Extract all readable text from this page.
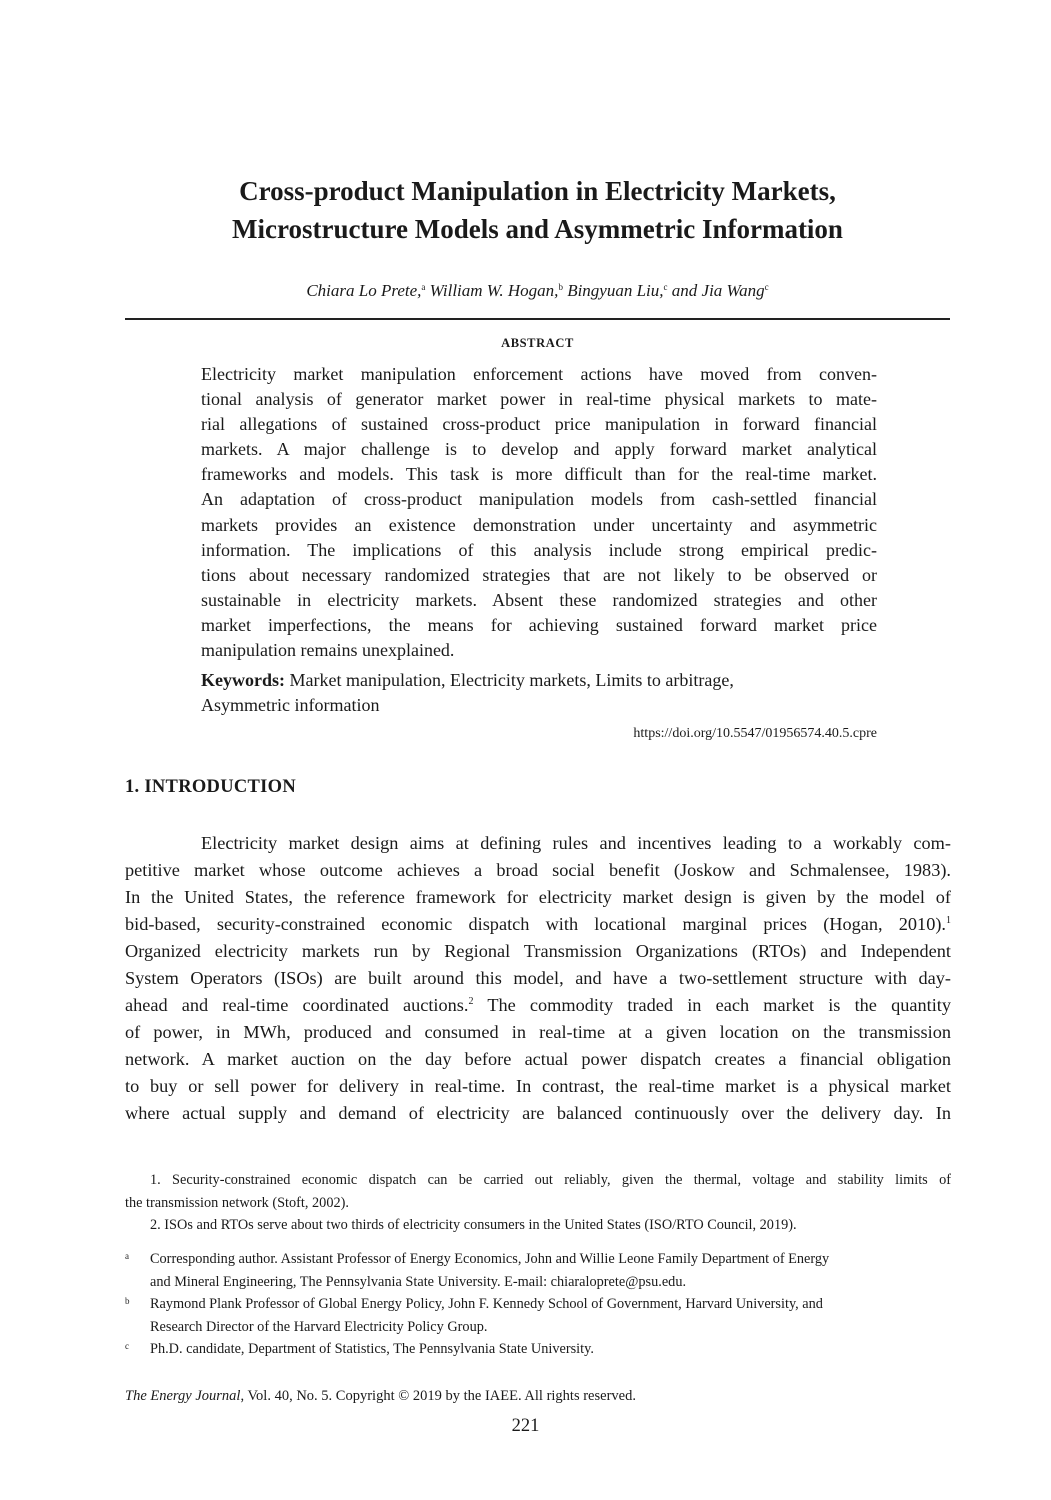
Cross-product Manipulation in Electricity Markets,
Microstructure Models and Asymmetric Information
Chiara Lo Prete,$^a$ William W. Hogan,$^b$ Bingyuan Liu,$^c$ and Jia Wang$^c$
ABSTRACT
Electricity market manipulation enforcement actions have moved from conven-
tional analysis of generator market power in real-time physical markets to mate-
rial allegations of sustained cross-product price manipulation in forward financial
markets. A major challenge is to develop and apply forward market analytical
frameworks and models. This task is more difficult than for the real-time market.
An adaptation of cross-product manipulation models from cash-settled financial
markets provides an existence demonstration under uncertainty and asymmetric
information. The implications of this analysis include strong empirical predic-
tions about necessary randomized strategies that are not likely to be observed or
sustainable in electricity markets. Absent these randomized strategies and other
market imperfections, the means for achieving sustained forward market price
manipulation remains unexplained.
Keywords: Market manipulation, Electricity markets, Limits to arbitrage,
Asymmetric information
https://doi.org/10.5547/01956574.40.5.cpre
1. INTRODUCTION
Electricity market design aims at defining rules and incentives leading to a workably com-
petitive market whose outcome achieves a broad social benefit (Joskow and Schmalensee, 1983).
In the United States, the reference framework for electricity market design is given by the model of
bid-based, security-constrained economic dispatch with locational marginal prices (Hogan, 2010).$^1$
Organized electricity markets run by Regional Transmission Organizations (RTOs) and Independent
System Operators (ISOs) are built around this model, and have a two-settlement structure with day-
ahead and real-time coordinated auctions.$^2$ The commodity traded in each market is the quantity
of power, in MWh, produced and consumed in real-time at a given location on the transmission
network. A market auction on the day before actual power dispatch creates a financial obligation
to buy or sell power for delivery in real-time. In contrast, the real-time market is a physical market
where actual supply and demand of electricity are balanced continuously over the delivery day. In
1. Security-constrained economic dispatch can be carried out reliably, given the thermal, voltage and stability limits of
the transmission network (Stoft, 2002).
2. ISOs and RTOs serve about two thirds of electricity consumers in the United States (ISO/RTO Council, 2019).
a Corresponding author. Assistant Professor of Energy Economics, John and Willie Leone Family Department of Energy
and Mineral Engineering, The Pennsylvania State University. E-mail: chiaraloprete@psu.edu.
b Raymond Plank Professor of Global Energy Policy, John F. Kennedy School of Government, Harvard University, and
Research Director of the Harvard Electricity Policy Group.
c Ph.D. candidate, Department of Statistics, The Pennsylvania State University.
The Energy Journal, Vol. 40, No. 5. Copyright © 2019 by the IAEE. All rights reserved.
221
